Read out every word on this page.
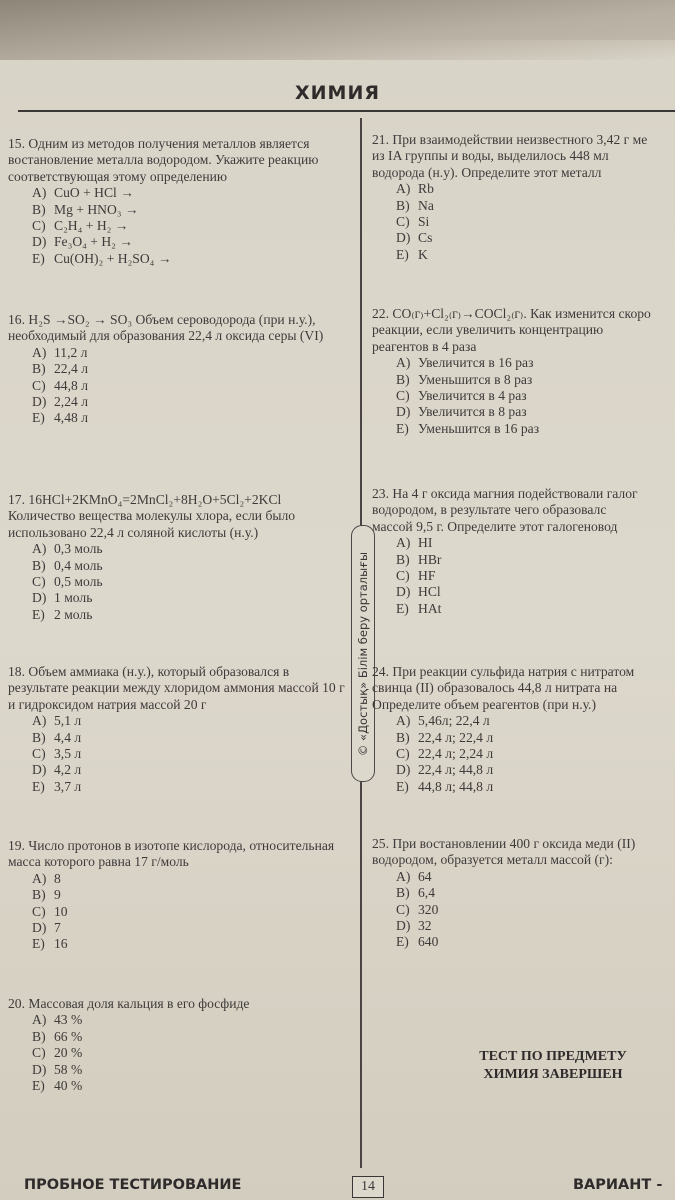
ХИМИЯ
15. Одним из методов получения металлов является востановление металла водородом. Укажите реакцию соответствующая этому определению
A) CuO + HCl →
B) Mg + HNO₃ →
C) C₂H₄ + H₂ →
D) Fe₃O₄ + H₂ →
E) Cu(OH)₂ + H₂SO₄ →
16. H₂S →SO₂ → SO₃ Объем сероводорода (при н.у.), необходимый для образования 22,4 л оксида серы (VI)
A) 11,2 л
B) 22,4 л
C) 44,8 л
D) 2,24 л
E) 4,48 л
17. 16HCl+2KMnO₄=2MnCl₂+8H₂O+5Cl₂+2KCl Количество вещества молекулы хлора, если было использовано 22,4 л соляной кислоты (н.у.)
A) 0,3 моль
B) 0,4 моль
C) 0,5 моль
D) 1 моль
E) 2 моль
18. Объем аммиака (н.у.), который образовался в результате реакции между хлоридом аммония массой 10 г и гидроксидом натрия массой 20 г
A) 5,1 л
B) 4,4 л
C) 3,5 л
D) 4,2 л
E) 3,7 л
19. Число протонов в изотопе кислорода, относительная масса которого равна 17 г/моль
A) 8
B) 9
C) 10
D) 7
E) 16
20. Массовая доля кальция в его фосфиде
A) 43 %
B) 66 %
C) 20 %
D) 58 %
E) 40 %
© «Достық» Білім беру орталығы
21. При взаимодействии неизвестного 3,42 г ме
из IA группы и воды, выделилось 448 мл
водорода (н.у). Определите этот металл
A) Rb
B) Na
C) Si
D) Cs
E) K
22. CO₍г₎+Cl₂₍г₎→COCl₂₍г₎. Как изменится скоро
реакции, если увеличить концентрацию
реагентов в 4 раза
A) Увеличится в 16 раз
B) Уменьшится в 8 раз
C) Увеличится в 4 раз
D) Увеличится в 8 раз
E) Уменьшится в 16 раз
23. На 4 г оксида магния подействовали галог
водородом, в результате чего образовалс
массой 9,5 г. Определите этот галогеновод
A) HI
B) HBr
C) HF
D) HCl
E) HAt
24. При реакции сульфида натрия с нитратом
свинца (II) образовалось 44,8 л нитрата на
Определите объем реагентов (при н.у.)
A) 5,46л; 22,4 л
B) 22,4 л; 22,4 л
C) 22,4 л; 2,24 л
D) 22,4 л; 44,8 л
E) 44,8 л; 44,8 л
25. При востановлении 400 г оксида меди (II)
водородом, образуется металл массой (г):
A) 64
B) 6,4
C) 320
D) 32
E) 640
ТЕСТ ПО ПРЕДМЕТУ
ХИМИЯ ЗАВЕРШЕН
ПРОБНОЕ ТЕСТИРОВАНИЕ	14	ВАРИАНТ -
